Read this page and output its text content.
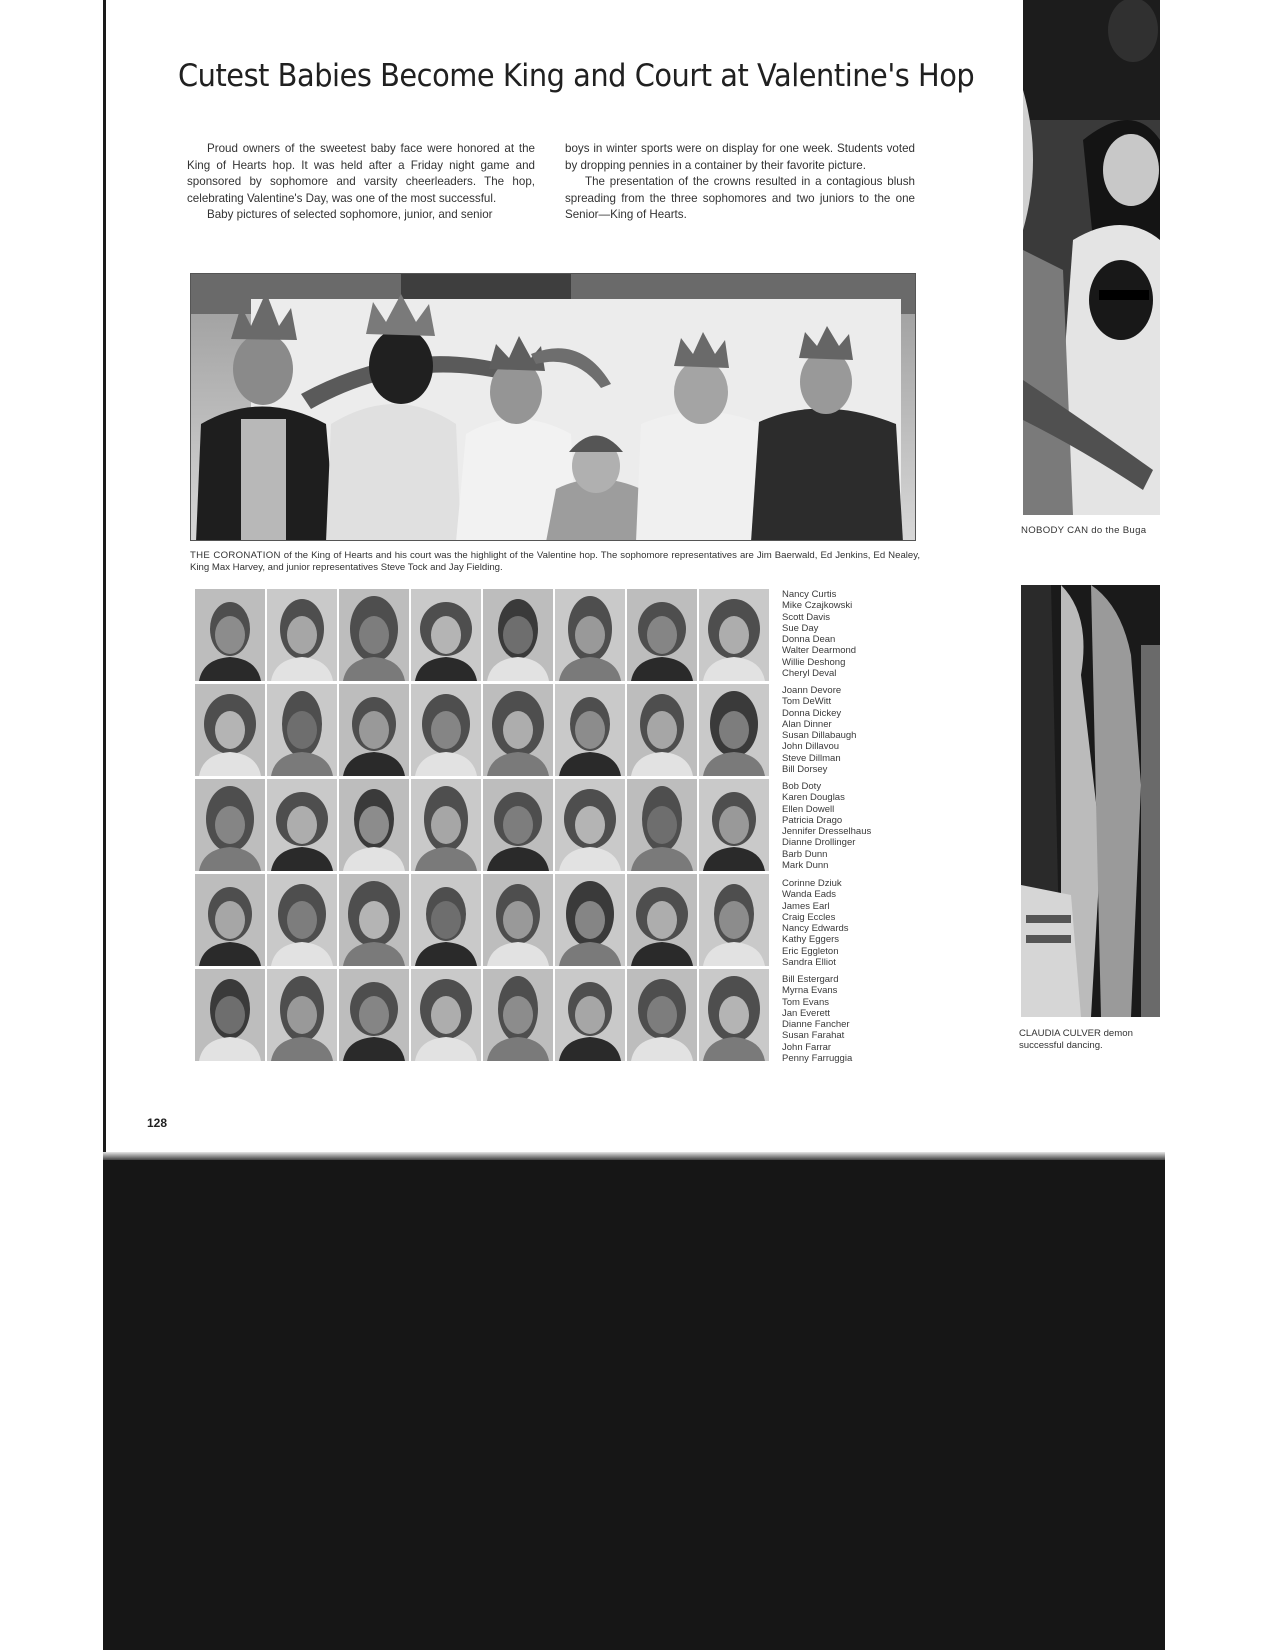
Cutest Babies Become King and Court at Valentine's Hop

Proud owners of the sweetest baby face were honored at the King of Hearts hop. It was held after a Friday night game and sponsored by sophomore and varsity cheerleaders. The hop, celebrating Valentine's Day, was one of the most successful.

Baby pictures of selected sophomore, junior, and senior

boys in winter sports were on display for one week. Students voted by dropping pennies in a container by their favorite picture.

The presentation of the crowns resulted in a contagious blush spreading from the three sophomores and two juniors to the one Senior—King of Hearts.

THE CORONATION of the King of Hearts and his court was the highlight of the Valentine hop. The sophomore representatives are Jim Baerwald, Ed Jenkins, Ed Nealey, King Max Harvey, and junior representatives Steve Tock and Jay Fielding.
Nancy Curtis
Mike Czajkowski
Scott Davis
Sue Day
Donna Dean
Walter Dearmond
Willie Deshong
Cheryl Deval
Joann Devore
Tom DeWitt
Donna Dickey
Alan Dinner
Susan Dillabaugh
John Dillavou
Steve Dillman
Bill Dorsey
Bob Doty
Karen Douglas
Ellen Dowell
Patricia Drago
Jennifer Dresselhaus
Dianne Drollinger
Barb Dunn
Mark Dunn
Corinne Dziuk
Wanda Eads
James Earl
Craig Eccles
Nancy Edwards
Kathy Eggers
Eric Eggleton
Sandra Elliot
Bill Estergard
Myrna Evans
Tom Evans
Jan Everett
Dianne Fancher
Susan Farahat
John Farrar
Penny Farruggia
NOBODY CAN do the Buga
CLAUDIA CULVER demon
successful dancing.
128
